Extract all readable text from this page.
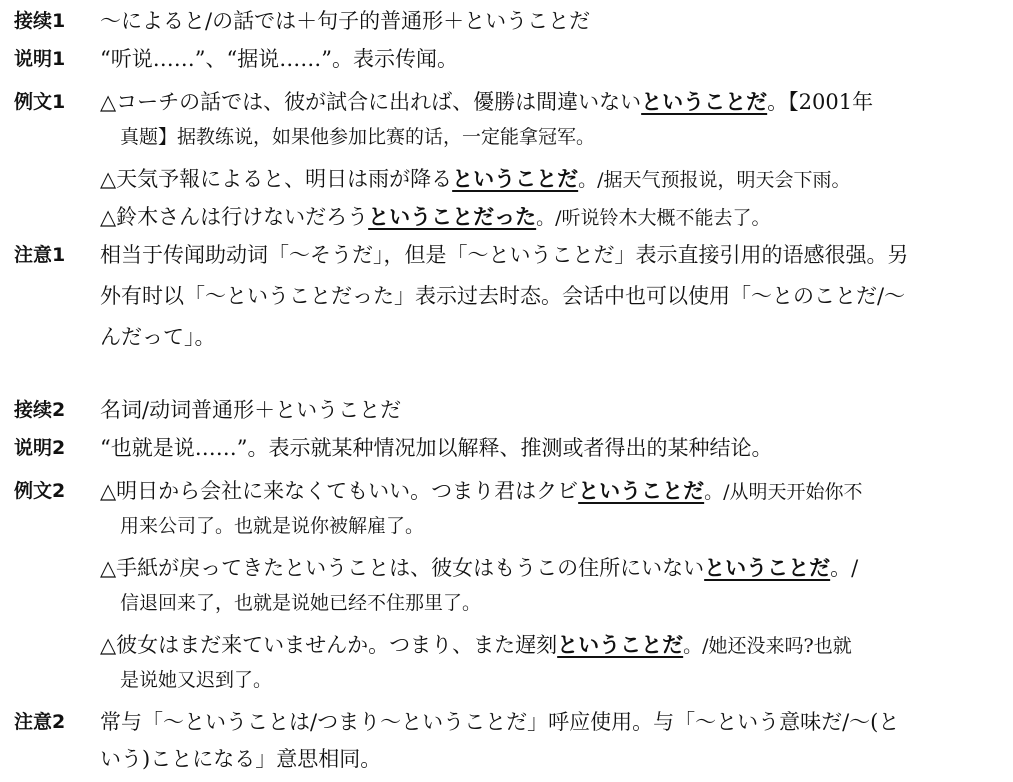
接续1 ～によると/の話では＋句子的普通形＋ということだ
说明1 “听说……”、“据说……”。表示传闻。
例文1 △コーチの話では、彼が試合に出れば、優勝は間違いないということだ。【2001年
真题】据教练说，如果他参加比赛的话，一定能拿冠军。
△天気予報によると、明日は雨が降るということだ。/据天气预报说，明天会下雨。
△鈴木さんは行けないだろうということだった。/听说铃木大概不能去了。
注意1 相当于传闻助动词「～そうだ」，但是「～ということだ」表示直接引用的语感很强。另
外有时以「～ということだった」表示过去时态。会话中也可以使用「～とのことだ/～
んだって」。
接续2 名词/动词普通形＋ということだ
说明2 “也就是说……”。表示就某种情况加以解释、推测或者得出的某种结论。
例文2 △明日から会社に来なくてもいい。つまり君はクビということだ。/从明天开始你不
用来公司了。也就是说你被解雇了。
△手紙が戻ってきたということは、彼女はもうこの住所にいないということだ。/
信退回来了，也就是说她已经不住那里了。
△彼女はまだ来ていませんか。つまり、また遅刻ということだ。/她还没来吗?也就
是说她又迟到了。
注意2 常与「～ということは/つまり～ということだ」呼应使用。与「～という意味だ/～(と
いう)ことになる」意思相同。
